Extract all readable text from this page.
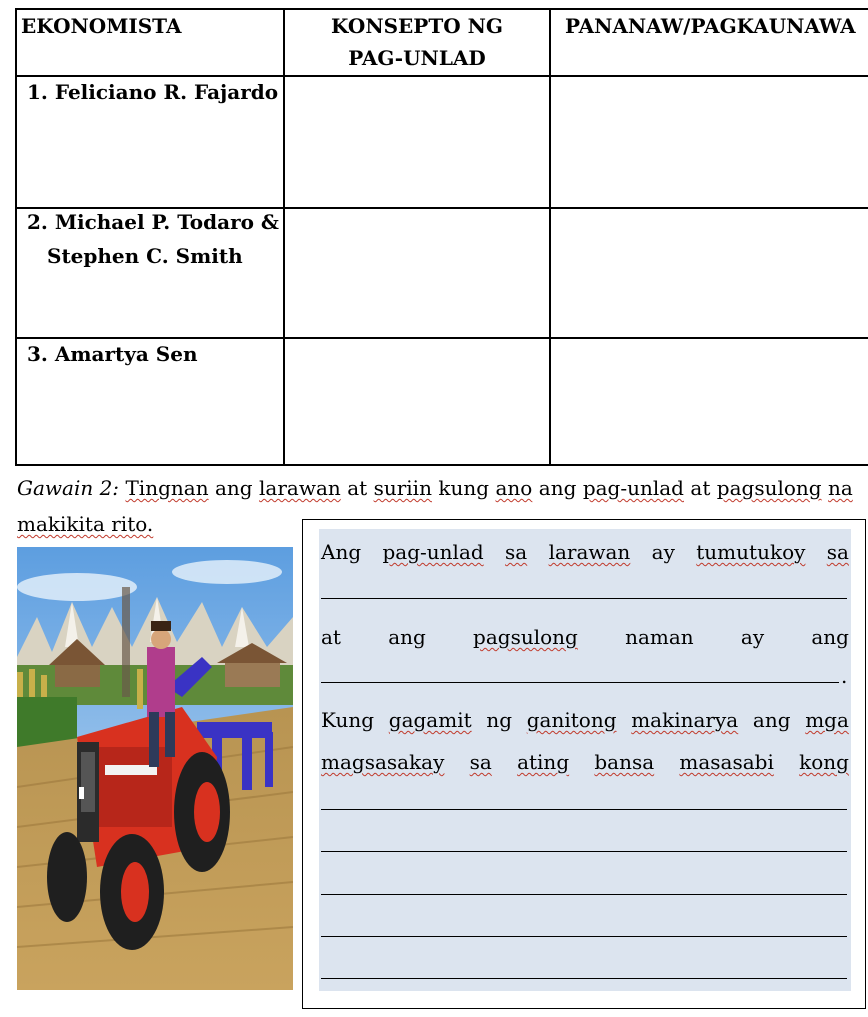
EKONOMISTA	KONSEPTO NG
PAG-UNLAD
PANANAW/PAGKAUNAWA
1. Feliciano R. Fajardo
2. Michael P. Todaro &
Stephen C. Smith
3. Amartya Sen
Gawain 2: Tingnan ang larawan at suriin kung ano ang pag-unlad at pagsulong na
makikita rito.
Ang pag-unlad sa larawan ay tumutukoy sa
at ang pagsulong naman ay ang
.
Kung gagamit ng ganitong makinarya ang mga
magsasakay sa ating bansa masasabi kong
